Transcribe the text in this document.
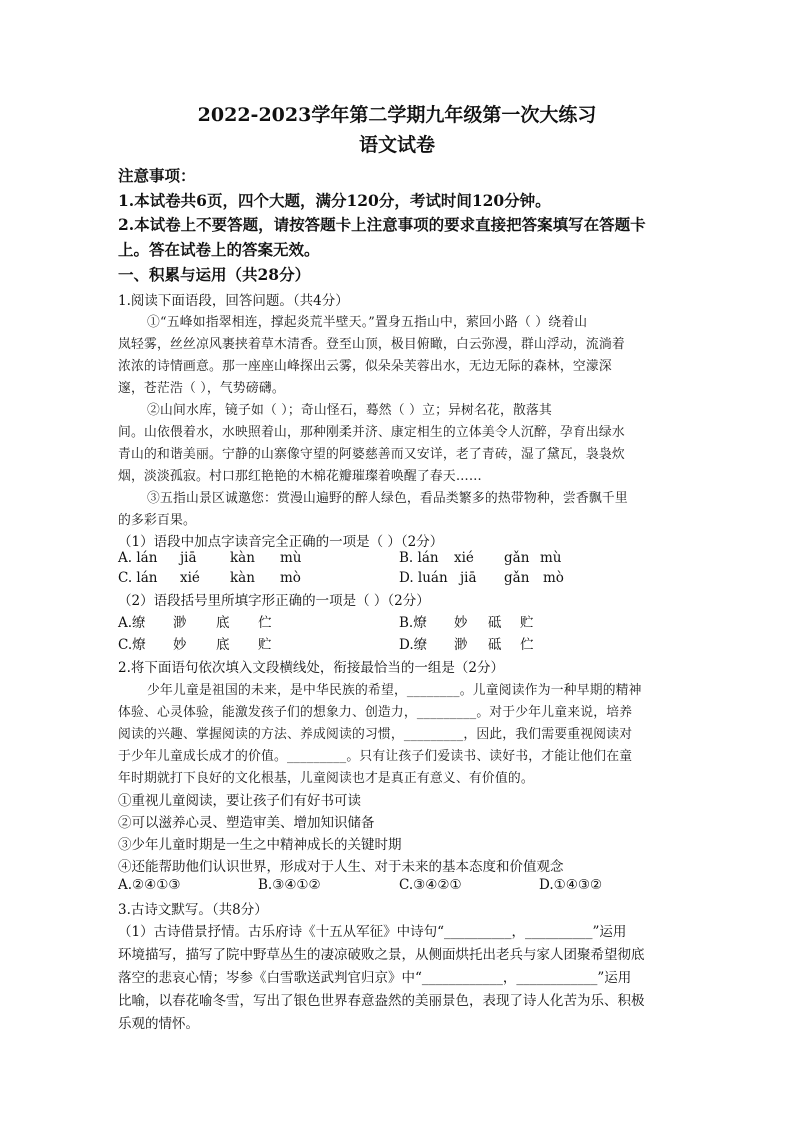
2022-2023学年第二学期九年级第一次大练习
语文试卷
注意事项：
1.本试卷共6页，四个大题，满分120分，考试时间120分钟。
2.本试卷上不要答题，请按答题卡上注意事项的要求直接把答案填写在答题卡
上。答在试卷上的答案无效。
一、积累与运用（共28分）
1.阅读下面语段，回答问题。（共4分）
①“五峰如指翠相连，撑起炎荒半壁天。”置身五指山中，萦回小路（ ）绕着山
岚轻雾，丝丝凉风裹挟着草木清香。登至山顶，极目俯瞰，白云弥漫，群山浮动，流淌着
浓浓的诗情画意。那一座座山峰探出云雾，似朵朵芙蓉出水，无边无际的森林，空濛深
邃，苍茫浩（ ），气势磅礴。
②山间水库，镜子如（ ）；奇山怪石，蓦然（ ）立；异树名花，散落其
间。山依偎着水，水映照着山，那种刚柔并济、康定相生的立体美令人沉醉，孕育出绿水
青山的和谐美丽。宁静的山寨像守望的阿婆慈善而又安详，老了青砖，湿了黛瓦，袅袅炊
烟，淡淡孤寂。村口那红艳艳的木棉花瓣璀璨着唤醒了春天……
③五指山景区诚邀您：赏漫山遍野的醉人绿色，看品类繁多的热带物种，尝香飘千里
的多彩百果。
（1）语段中加点字读音完全正确的一项是（ ）（2分）
A. lán jiā kàn mù	B. lán xié gǎn mù
C. lán xié kàn mò	D. luán jiā gǎn mò
（2）语段括号里所填字形正确的一项是（ ）（2分）
A.缭 渺 底 伫	B.燎 妙 砥 贮
C.燎 妙 底 贮	D.缭 渺 砥 伫
2.将下面语句依次填入文段横线处，衔接最恰当的一组是（2分）
少年儿童是祖国的未来，是中华民族的希望，________。儿童阅读作为一种早期的精神
体验、心灵体验，能激发孩子们的想象力、创造力，_________。对于少年儿童来说，培养
阅读的兴趣、掌握阅读的方法、养成阅读的习惯，_________，因此，我们需要重视阅读对
于少年儿童成长成才的价值。_________。只有让孩子们爱读书、读好书，才能让他们在童
年时期就打下良好的文化根基，儿童阅读也才是真正有意义、有价值的。
①重视儿童阅读，要让孩子们有好书可读
②可以滋养心灵、塑造审美、增加知识储备
③少年儿童时期是一生之中精神成长的关键时期
④还能帮助他们认识世界，形成对于人生、对于未来的基本态度和价值观念
A.②④①③	B.③④①②	C.③④②①	D.①④③②
3.古诗文默写。（共8分）
（1）古诗借景抒情。古乐府诗《十五从军征》中诗句“__________，__________”运用
环境描写，描写了院中野草丛生的凄凉破败之景，从侧面烘托出老兵与家人团聚希望彻底
落空的悲哀心情；岑参《白雪歌送武判官归京》中“____________，____________”运用
比喻，以春花喻冬雪，写出了银色世界春意盎然的美丽景色，表现了诗人化苦为乐、积极
乐观的情怀。
